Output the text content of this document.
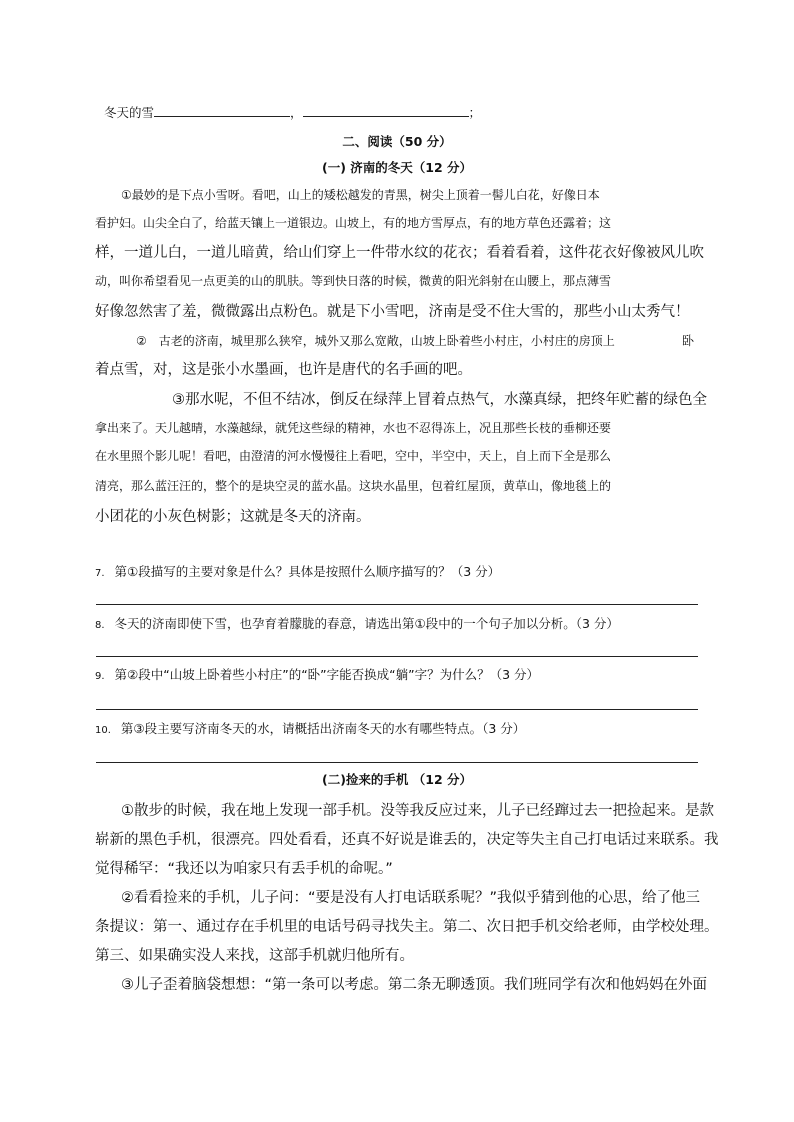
冬天的雪	，	；
二、阅读（50 分）
(一) 济南的冬天（12 分）
①最妙的是下点小雪呀。看吧，山上的矮松越发的青黑，树尖上顶着一髻儿白花，好像日本
看护妇。山尖全白了，给蓝天镶上一道银边。山坡上，有的地方雪厚点，有的地方草色还露着；这
样，一道儿白，一道儿暗黄，给山们穿上一件带水纹的花衣；看着看着，这件花衣好像被风儿吹
动，叫你希望看见一点更美的山的肌肤。等到快日落的时候，微黄的阳光斜射在山腰上，那点薄雪
好像忽然害了羞，微微露出点粉色。就是下小雪吧，济南是受不住大雪的，那些小山太秀气！
②　古老的济南，城里那么狭窄，城外又那么宽敞，山坡上卧着些小村庄，小村庄的房顶上	卧
着点雪，对，这是张小水墨画，也许是唐代的名手画的吧。
③那水呢，不但不结冰，倒反在绿萍上冒着点热气，水藻真绿，把终年贮蓄的绿色全
拿出来了。天儿越晴，水藻越绿，就凭这些绿的精神，水也不忍得冻上，况且那些长枝的垂柳还要
在水里照个影儿呢！看吧，由澄清的河水慢慢往上看吧，空中，半空中，天上，自上而下全是那么
清亮，那么蓝汪汪的，整个的是块空灵的蓝水晶。这块水晶里，包着红屋顶，黄草山，像地毯上的
小团花的小灰色树影；这就是冬天的济南。
7. 第①段描写的主要对象是什么？具体是按照什么顺序描写的？（3 分）
8. 冬天的济南即使下雪，也孕育着朦胧的春意，请选出第①段中的一个句子加以分析。（3 分）
9. 第②段中“山坡上卧着些小村庄”的“卧”字能否换成“躺”字？为什么？（3 分）
10. 第③段主要写济南冬天的水，请概括出济南冬天的水有哪些特点。（3 分）
(二)捡来的手机 （12 分）
①散步的时候，我在地上发现一部手机。没等我反应过来，儿子已经蹿过去一把捡起来。是款
崭新的黑色手机，很漂亮。四处看看，还真不好说是谁丢的，决定等失主自己打电话过来联系。我
觉得稀罕：“我还以为咱家只有丢手机的命呢。”
②看看捡来的手机，儿子问：“要是没有人打电话联系呢？”我似乎猜到他的心思，给了他三
条提议：第一、通过存在手机里的电话号码寻找失主。第二、次日把手机交给老师，由学校处理。
第三、如果确实没人来找，这部手机就归他所有。
③儿子歪着脑袋想想：“第一条可以考虑。第二条无聊透顶。我们班同学有次和他妈妈在外面
